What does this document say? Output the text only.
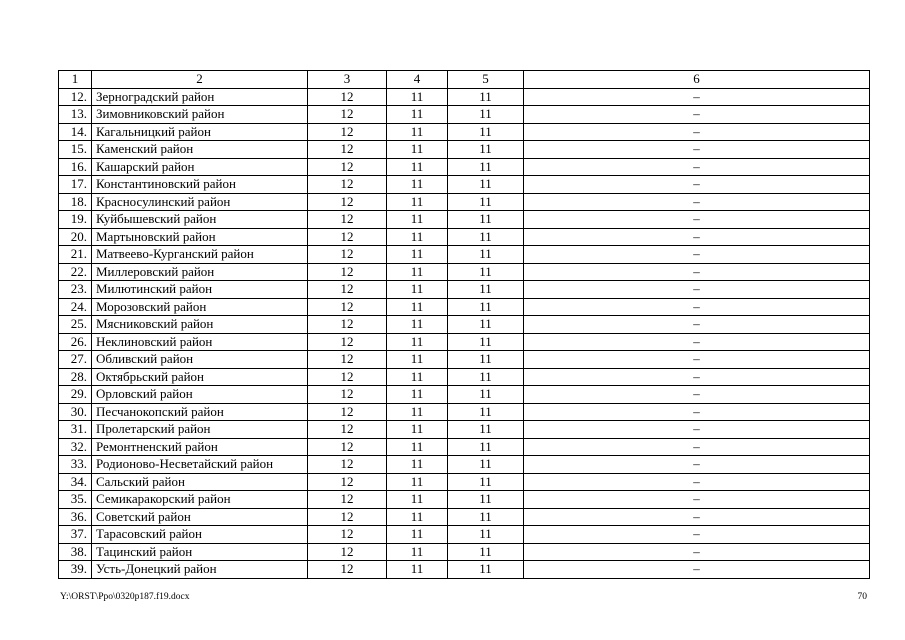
1	2	3	4	5	6
12.	Зерноградский район	12	11	11	–
13.	Зимовниковский район	12	11	11	–
14.	Кагальницкий район	12	11	11	–
15.	Каменский район	12	11	11	–
16.	Кашарский район	12	11	11	–
17.	Константиновский район	12	11	11	–
18.	Красносулинский район	12	11	11	–
19.	Куйбышевский район	12	11	11	–
20.	Мартыновский район	12	11	11	–
21.	Матвеево-Курганский район	12	11	11	–
22.	Миллеровский район	12	11	11	–
23.	Милютинский район	12	11	11	–
24.	Морозовский район	12	11	11	–
25.	Мясниковский район	12	11	11	–
26.	Неклиновский район	12	11	11	–
27.	Обливский район	12	11	11	–
28.	Октябрьский район	12	11	11	–
29.	Орловский район	12	11	11	–
30.	Песчанокопский район	12	11	11	–
31.	Пролетарский район	12	11	11	–
32.	Ремонтненский район	12	11	11	–
33.	Родионово-Несветайский район	12	11	11	–
34.	Сальский район	12	11	11	–
35.	Семикаракорский район	12	11	11	–
36.	Советский район	12	11	11	–
37.	Тарасовский район	12	11	11	–
38.	Тацинский район	12	11	11	–
39.	Усть-Донецкий район	12	11	11	–
Y:\ORST\Ppo\0320p187.f19.docx	70
